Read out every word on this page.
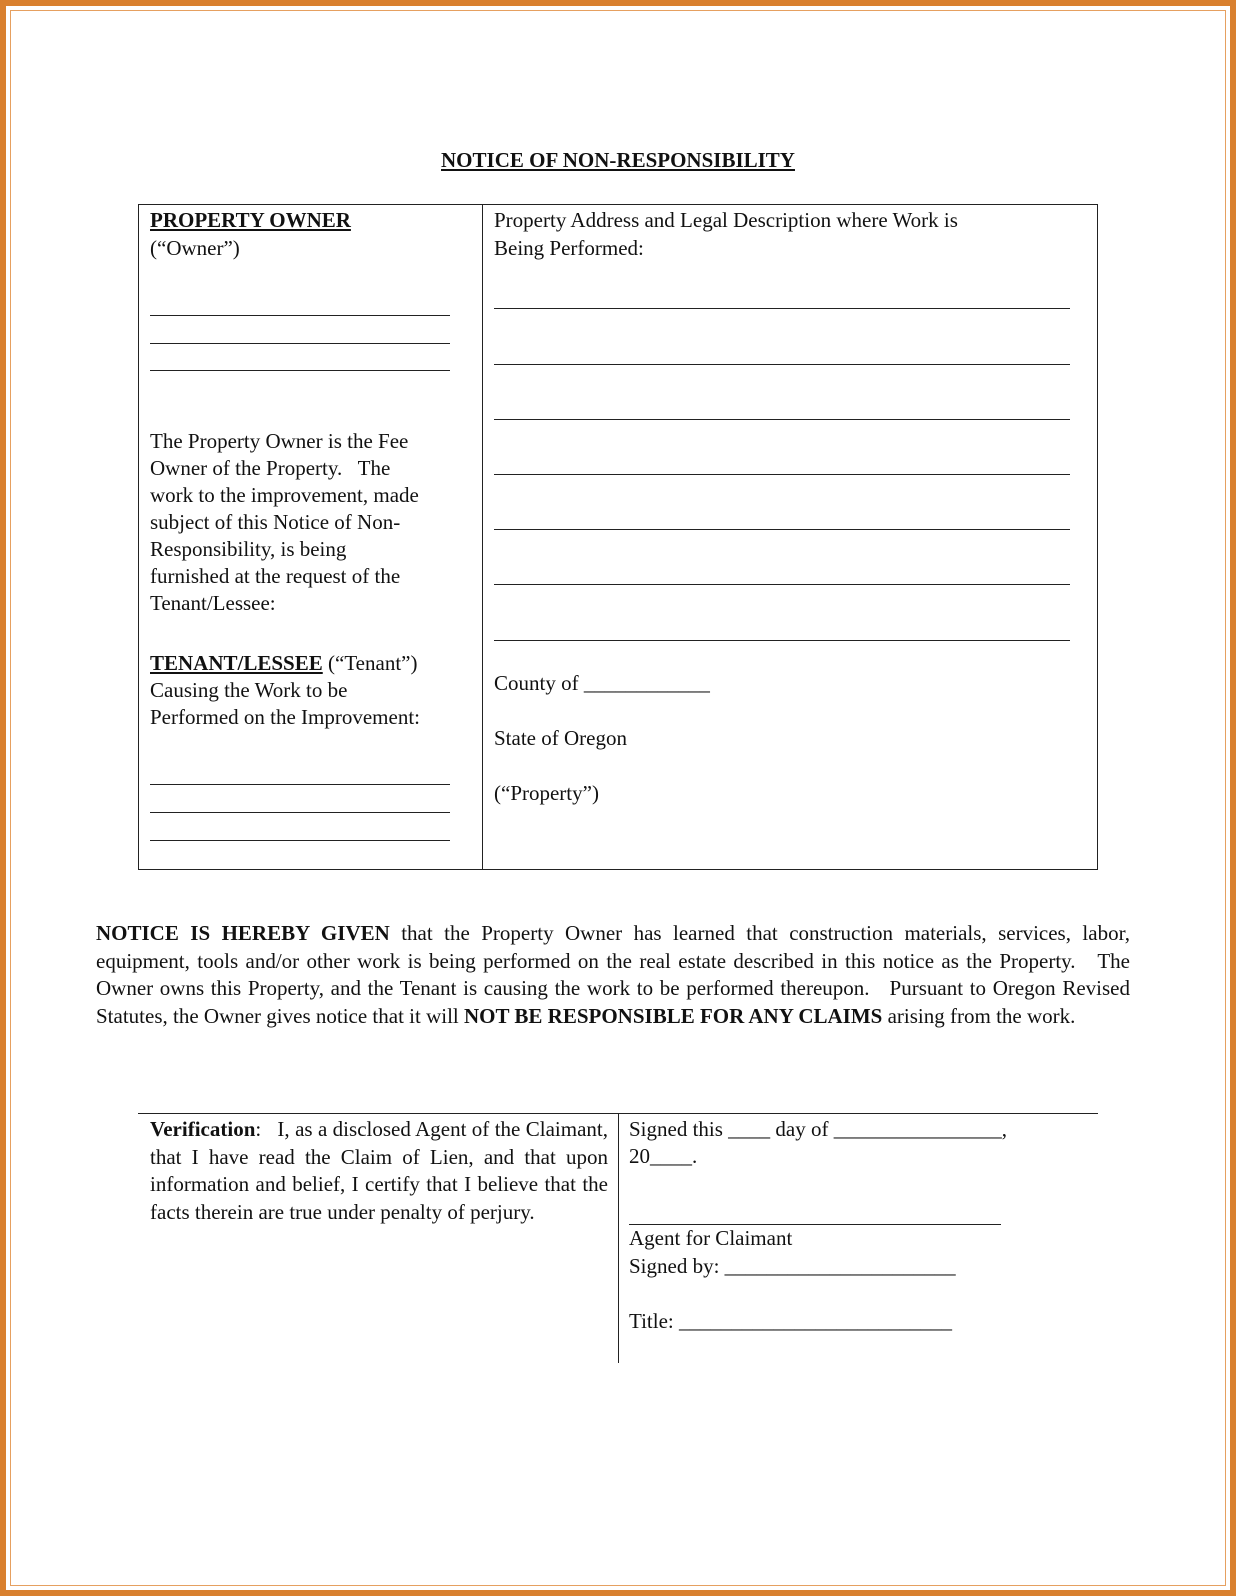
NOTICE OF NON-RESPONSIBILITY
PROPERTY OWNER
(“Owner”)
The Property Owner is the Fee
Owner of the Property.   The
work to the improvement, made
subject of this Notice of Non-
Responsibility, is being
furnished at the request of the
Tenant/Lessee:
TENANT/LESSEE (“Tenant”)
Causing the Work to be
Performed on the Improvement:
Property Address and Legal Description where Work is
Being Performed:
County of ____________
State of Oregon
(“Property”)
NOTICE IS HEREBY GIVEN that the Property Owner has learned that construction materials, services, labor, equipment, tools and/or other work is being performed on the real estate described in this notice as the Property.   The Owner owns this Property, and the Tenant is causing the work to be performed thereupon.   Pursuant to Oregon Revised Statutes, the Owner gives notice that it will NOT BE RESPONSIBLE FOR ANY CLAIMS arising from the work.
Verification:   I, as a disclosed Agent of the Claimant, that I have read the Claim of Lien, and that upon information and belief, I certify that I believe that the facts therein are true under penalty of perjury.
Signed this ____ day of ________________,
20____.
Agent for Claimant
Signed by: ______________________
Title: __________________________
